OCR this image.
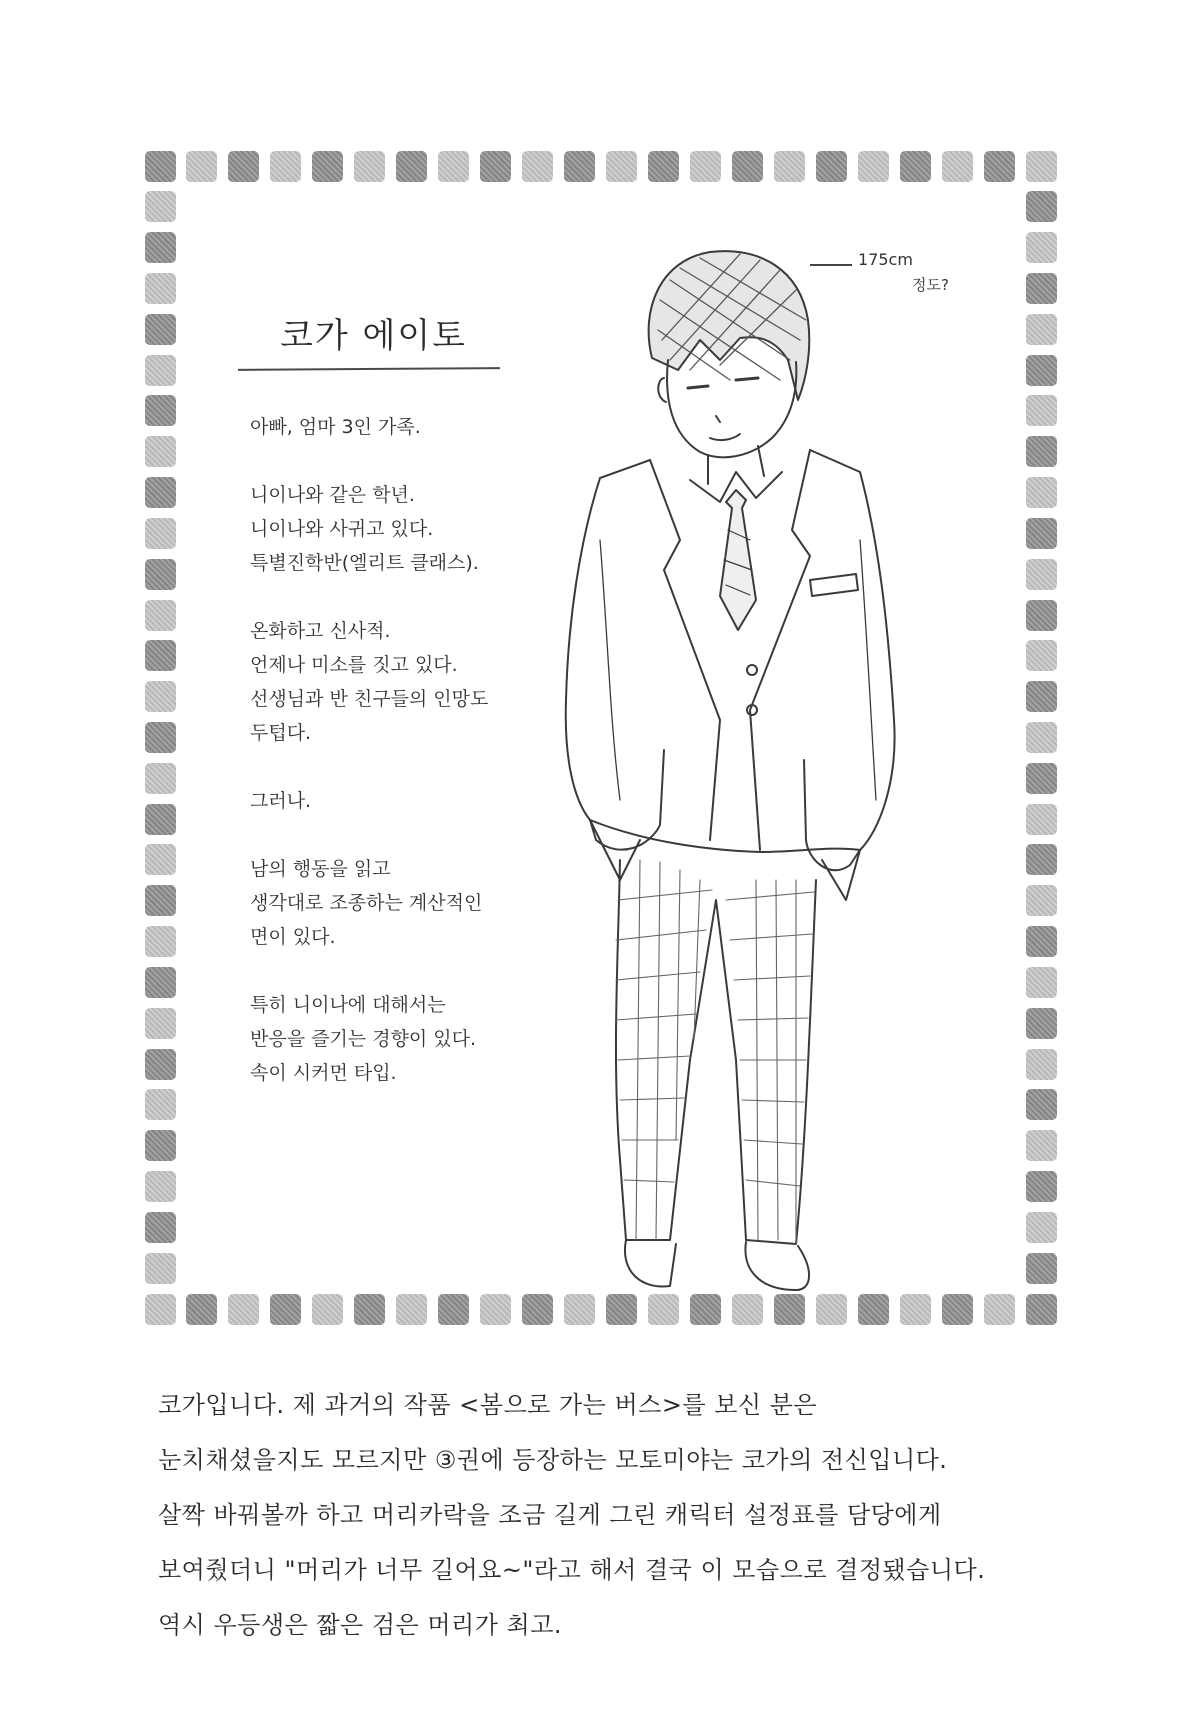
코가 에이토
175cm
정도?
아빠, 엄마 3인 가족.
니이나와 같은 학년.
니이나와 사귀고 있다.
특별진학반(엘리트 클래스).
온화하고 신사적.
언제나 미소를 짓고 있다.
선생님과 반 친구들의 인망도
두텁다.
그러나.
남의 행동을 읽고
생각대로 조종하는 계산적인
면이 있다.
특히 니이나에 대해서는
반응을 즐기는 경향이 있다.
속이 시커먼 타입.
코가입니다. 제 과거의 작품 <봄으로 가는 버스>를 보신 분은
눈치채셨을지도 모르지만 ③권에 등장하는 모토미야는 코가의 전신입니다.
살짝 바꿔볼까 하고 머리카락을 조금 길게 그린 캐릭터 설정표를 담당에게
보여줬더니 "머리가 너무 길어요~"라고 해서 결국 이 모습으로 결정됐습니다.
역시 우등생은 짧은 검은 머리가 최고.
